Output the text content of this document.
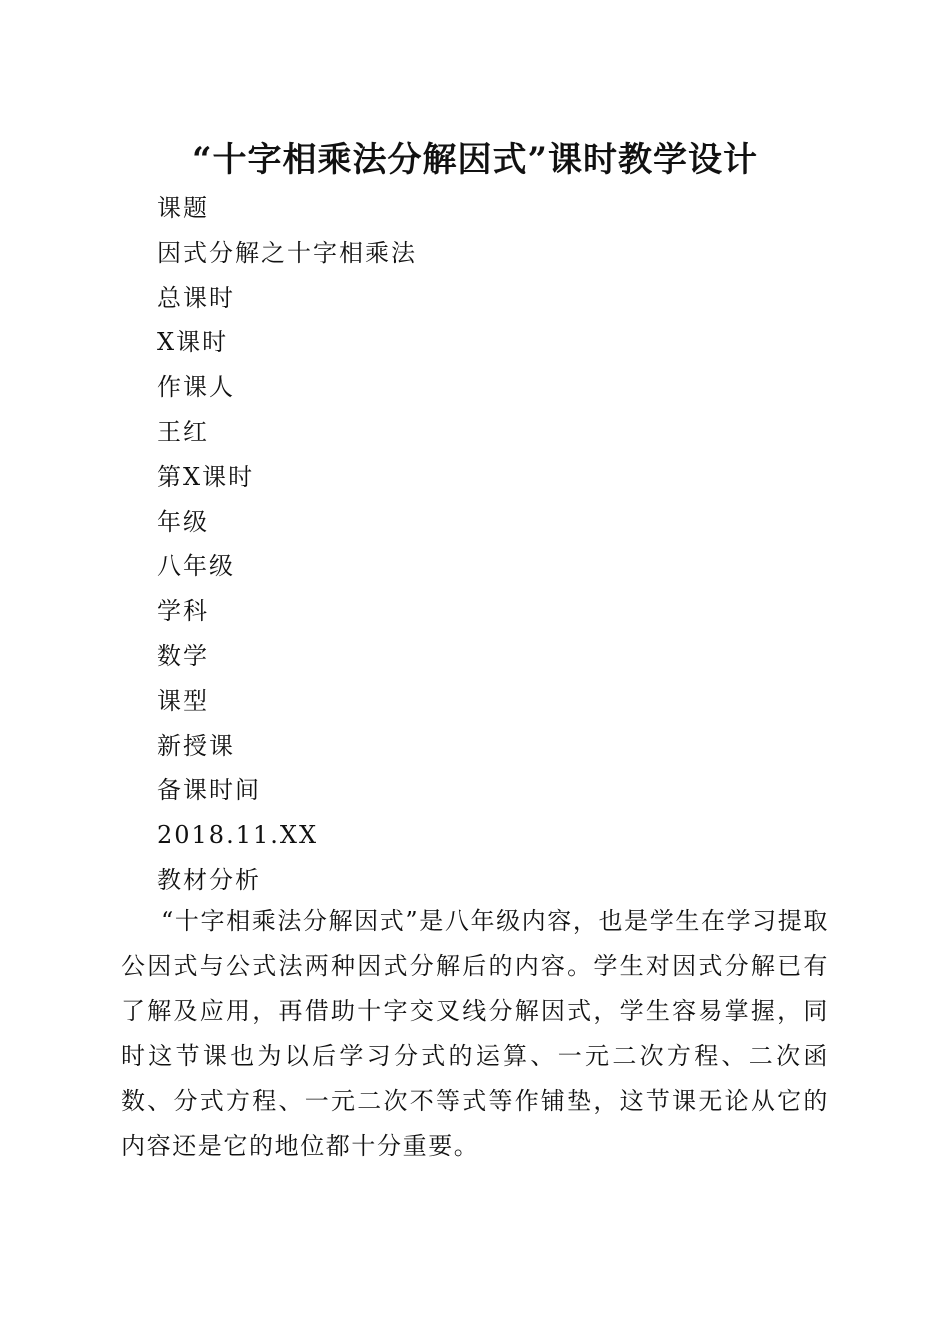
“十字相乘法分解因式”课时教学设计
课题
因式分解之十字相乘法
总课时
X课时
作课人
王红
第X课时
年级
八年级
学科
数学
课型
新授课
备课时间
2018.11.XX
教材分析

“十字相乘法分解因式”是八年级内容，也是学生在学习提取公因式与公式法两种因式分解后的内容。学生对因式分解已有了解及应用，再借助十字交叉线分解因式，学生容易掌握，同时这节课也为以后学习分式的运算、一元二次方程、二次函数、分式方程、一元二次不等式等作铺垫，这节课无论从它的内容还是它的地位都十分重要。
